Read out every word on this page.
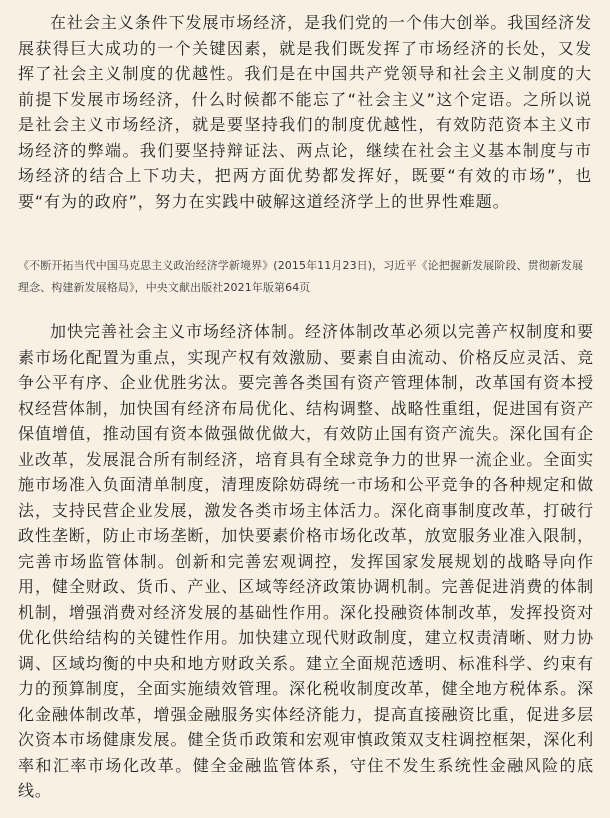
在社会主义条件下发展市场经济，是我们党的一个伟大创举。我国经济发展获得巨大成功的一个关键因素，就是我们既发挥了市场经济的长处，又发挥了社会主义制度的优越性。我们是在中国共产党领导和社会主义制度的大前提下发展市场经济，什么时候都不能忘了“社会主义”这个定语。之所以说是社会主义市场经济，就是要坚持我们的制度优越性，有效防范资本主义市场经济的弊端。我们要坚持辩证法、两点论，继续在社会主义基本制度与市场经济的结合上下功夫，把两方面优势都发挥好，既要“有效的市场”，也要“有为的政府”，努力在实践中破解这道经济学上的世界性难题。

《不断开拓当代中国马克思主义政治经济学新境界》(2015年11月23日)，习近平《论把握新发展阶段、贯彻新发展理念、构建新发展格局》，中央文献出版社2021年版第64页

加快完善社会主义市场经济体制。经济体制改革必须以完善产权制度和要素市场化配置为重点，实现产权有效激励、要素自由流动、价格反应灵活、竞争公平有序、企业优胜劣汰。要完善各类国有资产管理体制，改革国有资本授权经营体制，加快国有经济布局优化、结构调整、战略性重组，促进国有资产保值增值，推动国有资本做强做优做大，有效防止国有资产流失。深化国有企业改革，发展混合所有制经济，培育具有全球竞争力的世界一流企业。全面实施市场准入负面清单制度，清理废除妨碍统一市场和公平竞争的各种规定和做法，支持民营企业发展，激发各类市场主体活力。深化商事制度改革，打破行政性垄断，防止市场垄断，加快要素价格市场化改革，放宽服务业准入限制，完善市场监管体制。创新和完善宏观调控，发挥国家发展规划的战略导向作用，健全财政、货币、产业、区域等经济政策协调机制。完善促进消费的体制机制，增强消费对经济发展的基础性作用。深化投融资体制改革，发挥投资对优化供给结构的关键性作用。加快建立现代财政制度，建立权责清晰、财力协调、区域均衡的中央和地方财政关系。建立全面规范透明、标准科学、约束有力的预算制度，全面实施绩效管理。深化税收制度改革，健全地方税体系。深化金融体制改革，增强金融服务实体经济能力，提高直接融资比重，促进多层次资本市场健康发展。健全货币政策和宏观审慎政策双支柱调控框架，深化利率和汇率市场化改革。健全金融监管体系，守住不发生系统性金融风险的底线。
